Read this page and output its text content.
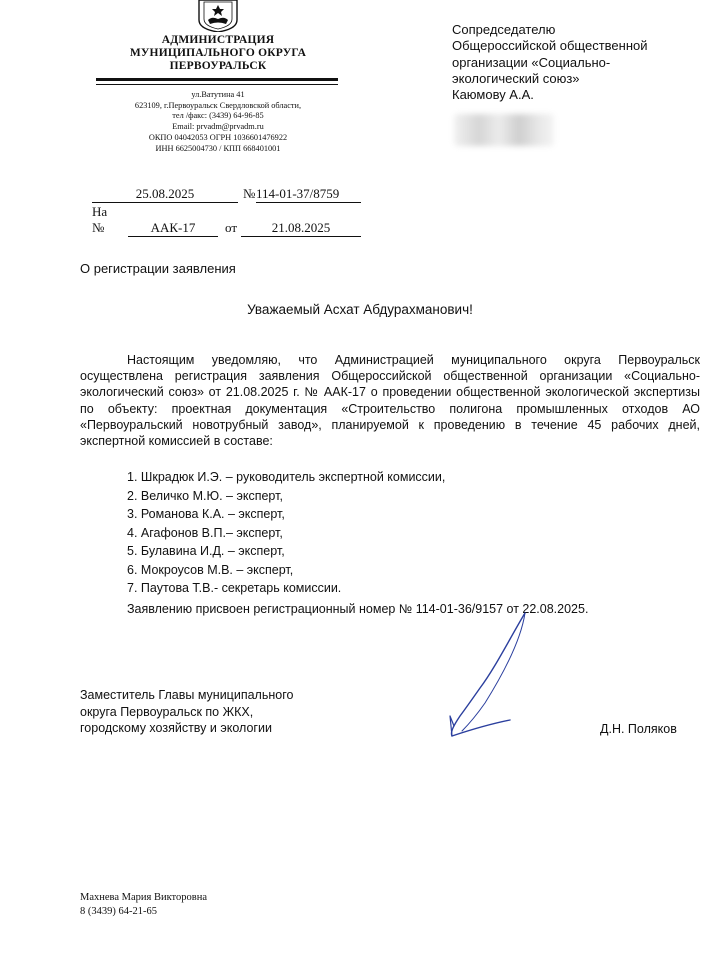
АДМИНИСТРАЦИЯ
МУНИЦИПАЛЬНОГО ОКРУГА
ПЕРВОУРАЛЬСК
ул.Ватутина 41
623109, г.Первоуральск Свердловской области,
тел /факс: (3439) 64-96-85
Email: prvadm@prvadm.ru
ОКПО 04042053 ОГРН 1036601476922
ИНН 6625004730 / КПП 668401001
Сопредседателю
Общероссийской общественной
организации «Социально-
экологический союз»
Каюмову А.А.
25.08.2025	№ 114-01-37/8759
На
№	ААК-17	от	21.08.2025
О регистрации заявления
Уважаемый Асхат Абдурахманович!
Настоящим уведомляю, что Администрацией муниципального округа Первоуральск осуществлена регистрация заявления Общероссийской общественной организации «Социально-экологический союз» от 21.08.2025 г. № ААК-17 о проведении общественной экологической экспертизы по объекту: проектная документация «Строительство полигона промышленных отходов АО «Первоуральский новотрубный завод», планируемой к проведению в течение 45 рабочих дней, экспертной комиссией в составе:
1. Шкрадюк И.Э. – руководитель экспертной комиссии,
2. Величко М.Ю. – эксперт,
3. Романова К.А. – эксперт,
4. Агафонов В.П.– эксперт,
5. Булавина И.Д. – эксперт,
6. Мокроусов М.В. – эксперт,
7. Паутова Т.В.- секретарь комиссии.
Заявлению присвоен регистрационный номер № 114-01-36/9157 от 22.08.2025.
Заместитель Главы муниципального
округа Первоуральск по ЖКХ,
городскому хозяйству и экологии	Д.Н. Поляков
Махнева Мария Викторовна
8 (3439) 64-21-65
